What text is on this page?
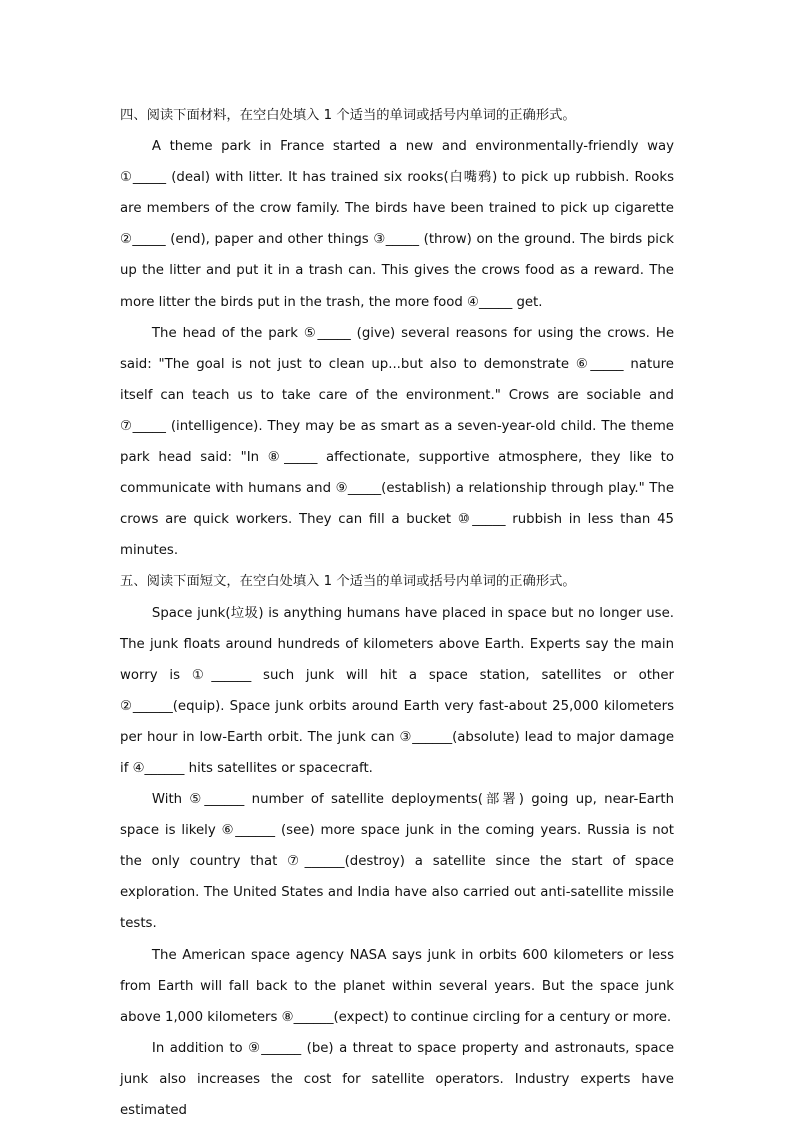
四、阅读下面材料，在空白处填入 1 个适当的单词或括号内单词的正确形式。

A theme park in France started a new and environmentally-friendly way ①_____ (deal) with litter. It has trained six rooks(白嘴鸦) to pick up rubbish. Rooks are members of the crow family. The birds have been trained to pick up cigarette ②_____ (end), paper and other things ③_____ (throw) on the ground. The birds pick up the litter and put it in a trash can. This gives the crows food as a reward. The more litter the birds put in the trash, the more food ④_____ get.

The head of the park ⑤_____ (give) several reasons for using the crows. He said: "The goal is not just to clean up...but also to demonstrate ⑥_____ nature itself can teach us to take care of the environment." Crows are sociable and ⑦_____ (intelligence). They may be as smart as a seven-year-old child. The theme park head said: "In ⑧_____ affectionate, supportive atmosphere, they like to communicate with humans and ⑨_____(establish) a relationship through play." The crows are quick workers. They can fill a bucket ⑩_____ rubbish in less than 45 minutes.

五、阅读下面短文，在空白处填入 1 个适当的单词或括号内单词的正确形式。

Space junk(垃圾) is anything humans have placed in space but no longer use. The junk floats around hundreds of kilometers above Earth. Experts say the main worry is ①______ such junk will hit a space station, satellites or other ②______(equip). Space junk orbits around Earth very fast-about 25,000 kilometers per hour in low-Earth orbit. The junk can ③______(absolute) lead to major damage if ④______ hits satellites or spacecraft.

With ⑤______ number of satellite deployments(部署) going up, near-Earth space is likely ⑥______ (see) more space junk in the coming years. Russia is not the only country that ⑦______(destroy) a satellite since the start of space exploration. The United States and India have also carried out anti-satellite missile tests.

The American space agency NASA says junk in orbits 600 kilometers or less from Earth will fall back to the planet within several years. But the space junk above 1,000 kilometers ⑧______(expect) to continue circling for a century or more.

In addition to ⑨______ (be) a threat to space property and astronauts, space junk also increases the cost for satellite operators. Industry experts have estimated
